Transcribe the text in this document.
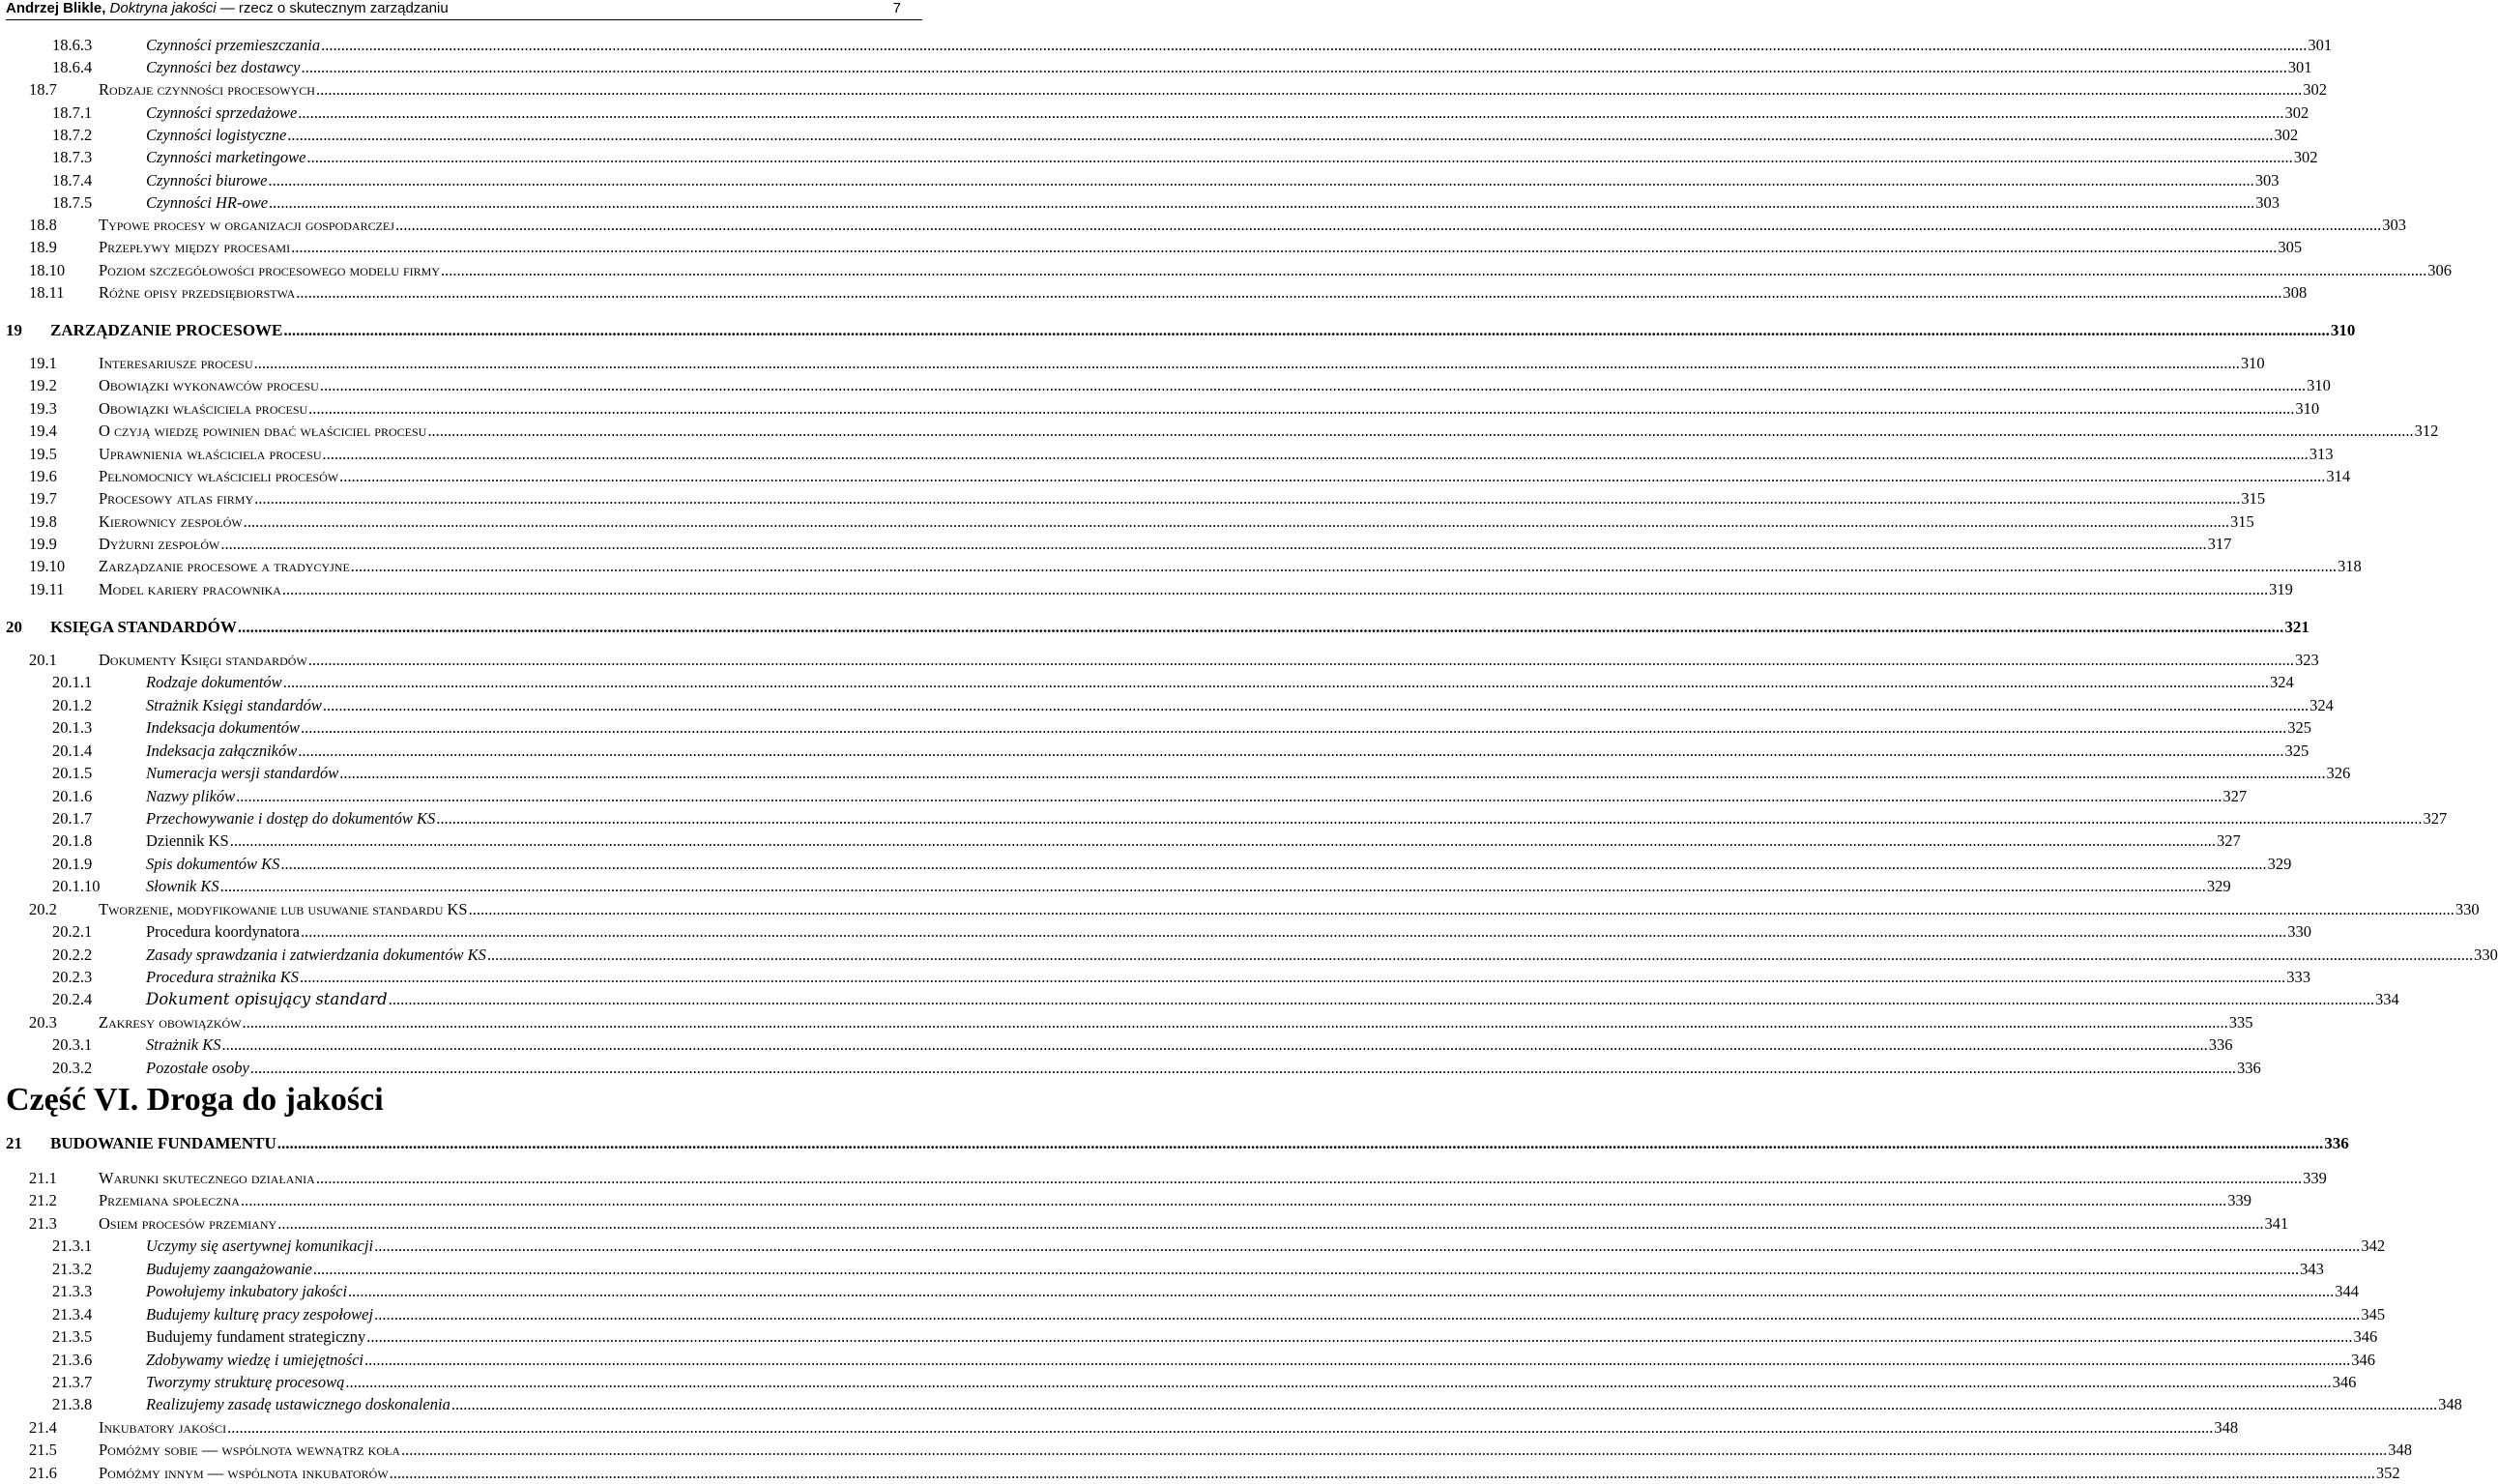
Andrzej Blikle, Doktryna jakości — rzecz o skutecznym zarządzaniu	7
18.6.3	Czynności przemieszczania .....	301
18.6.4	Czynności bez dostawcy .....	301
18.7	Rodzaje czynności procesowych .....	302
18.7.1	Czynności sprzedażowe .....	302
18.7.2	Czynności logistyczne .....	302
18.7.3	Czynności marketingowe .....	302
18.7.4	Czynności biurowe .....	303
18.7.5	Czynności HR-owe .....	303
18.8	Typowe procesy w organizacji gospodarczej .....	303
18.9	Przepływy między procesami .....	305
18.10 Poziom szczegółowości procesowego modelu firmy .....	306
18.11 Różne opisy przedsiębiorstwa .....	308
19 ZARZĄDZANIE PROCESOWE .....	310
19.1	Interesariusze procesu .....	310
19.2	Obowiązki wykonawców procesu .....	310
19.3	Obowiązki właściciela procesu .....	310
19.4	O czyją wiedzę powinien dbać właściciel procesu .....	312
19.5	Uprawnienia właściciela procesu .....	313
19.6	Pełnomocnicy właścicieli procesów .....	314
19.7	Procesowy atlas firmy .....	315
19.8	Kierownicy zespołów .....	315
19.9	Dyżurni zespołów .....	317
19.10 Zarządzanie procesowe a tradycyjne .....	318
19.11 Model kariery pracownika .....	319
20 KSIĘGA STANDARDÓW .....	321
20.1	Dokumenty Księgi standardów .....	323
20.1.1	Rodzaje dokumentów .....	324
20.1.2	Strażnik Księgi standardów .....	324
20.1.3	Indeksacja dokumentów .....	325
20.1.4	Indeksacja załączników .....	325
20.1.5	Numeracja wersji standardów .....	326
20.1.6	Nazwy plików .....	327
20.1.7	Przechowywanie i dostęp do dokumentów KS .....	327
20.1.8	Dziennik KS .....	327
20.1.9	Spis dokumentów KS .....	329
20.1.10	Słownik KS .....	329
20.2	Tworzenie, modyfikowanie lub usuwanie standardu KS .....	330
20.2.1	Procedura koordynatora .....	330
20.2.2	Zasady sprawdzania i zatwierdzania dokumentów KS .....	330
20.2.3	Procedura strażnika KS .....	333
20.2.4	Dokument opisujący standard .....	334
20.3	Zakresy obowiązków .....	335
20.3.1	Strażnik KS .....	336
20.3.2	Pozostałe osoby .....	336
Część VI. Droga do jakości
21 BUDOWANIE FUNDAMENTU .....	336
21.1	Warunki skutecznego działania .....	339
21.2	Przemiana społeczna .....	339
21.3	Osiem procesów przemiany .....	341
21.3.1	Uczymy się asertywnej komunikacji .....	342
21.3.2	Budujemy zaangażowanie .....	343
21.3.3	Powołujemy inkubatory jakości .....	344
21.3.4	Budujemy kulturę pracy zespołowej .....	345
21.3.5	Budujemy fundament strategiczny .....	346
21.3.6	Zdobywamy wiedzę i umiejętności .....	346
21.3.7	Tworzymy strukturę procesową .....	346
21.3.8	Realizujemy zasadę ustawicznego doskonalenia .....	348
21.4	Inkubatory jakości .....	348
21.5	Pomóżmy sobie — wspólnota wewnątrz koła .....	348
21.6	Pomóżmy innym — wspólnota inkubatorów .....	352
